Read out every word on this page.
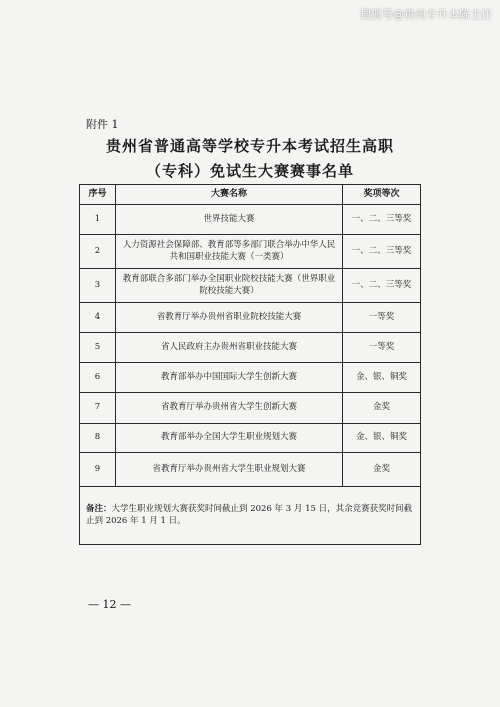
搜狐号@贵州专升本陈主任
附件 1
贵州省普通高等学校专升本考试招生高职
（专科）免试生大赛赛事名单
序号	大赛名称	奖项等次
1	世界技能大赛	一、二、三等奖
2	人力资源社会保障部、教育部等多部门联合举办中华人民共和国职业技能大赛（一类赛）	一、二、三等奖
3	教育部联合多部门举办全国职业院校技能大赛（世界职业院校技能大赛）	一、二、三等奖
4	省教育厅举办贵州省职业院校技能大赛	一等奖
5	省人民政府主办贵州省职业技能大赛	一等奖
6	教育部举办中国国际大学生创新大赛	金、银、铜奖
7	省教育厅举办贵州省大学生创新大赛	金奖
8	教育部举办全国大学生职业规划大赛	金、银、铜奖
9	省教育厅举办贵州省大学生职业规划大赛	金奖
备注：大学生职业规划大赛获奖时间截止到 2026 年 3 月 15 日，其余竞赛获奖时间截止到 2026 年 1 月 1 日。		
— 12 —
